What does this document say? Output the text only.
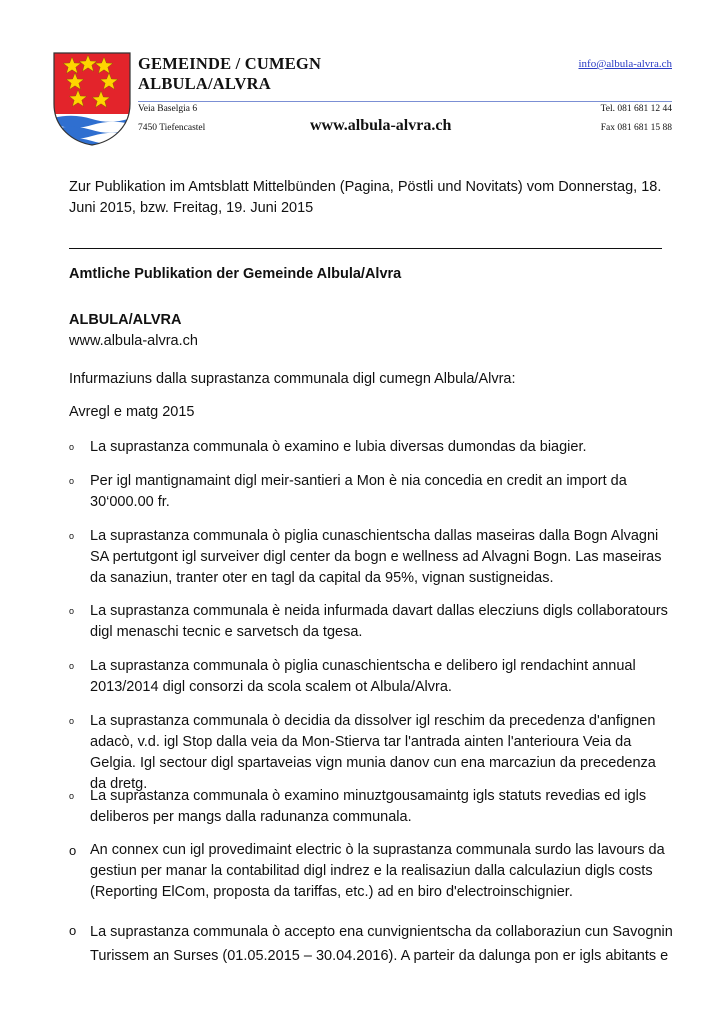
GEMEINDE / CUMEGN
ALBULA/ALVRA
info@albula-alvra.ch
Veia Baselgia 6
7450 Tiefencastel	www.albula-alvra.ch
Tel. 081 681 12 44
Fax 081 681 15 88
Zur Publikation im Amtsblatt Mittelbünden (Pagina, Pöstli und Novitats) vom Donnerstag, 18. Juni 2015, bzw. Freitag, 19. Juni 2015
Amtliche Publikation der Gemeinde Albula/Alvra
ALBULA/ALVRA
www.albula-alvra.ch
Infurmaziuns dalla suprastanza communala digl cumegn Albula/Alvra:
Avregl e matg 2015
o La suprastanza communala ò examino e lubia diversas dumondas da biagier.
o Per igl mantignamaint digl meir-santieri a Mon è nia concedia en credit an import da 30‘000.00 fr.
o La suprastanza communala ò piglia cunaschientscha dallas maseiras dalla Bogn Alvagni SA pertutgont igl surveiver digl center da bogn e wellness ad Alvagni Bogn. Las maseiras da sanaziun, tranter oter en tagl da capital da 95%, vignan sustigneidas.
o La suprastanza communala è neida infurmada davart dallas elecziuns digls collaboratours digl menaschi tecnic e sarvetsch da tgesa.
o La suprastanza communala ò piglia cunaschientscha e delibero igl rendachint annual 2013/2014 digl consorzi da scola scalem ot Albula/Alvra.
o La suprastanza communala ò decidia da dissolver igl reschim da precedenza d'anfignen adacò, v.d. igl Stop dalla veia da Mon-Stierva tar l'antrada ainten l'anterioura Veia da Gelgia. Igl sectour digl spartaveias vign munia danov cun ena marcaziun da precedenza da dretg.
o La suprastanza communala ò examino minuztgousamaintg igls statuts revedias ed igls deliberos per mangs dalla radunanza communala.
o An connex cun igl provedimaint electric ò la suprastanza communala surdo las lavours da gestiun per manar la contabilitad digl indrez e la realisaziun dalla calculaziun digls costs (Reporting ElCom, proposta da tariffas, etc.) ad en biro d'electroinschignier.
o La suprastanza communala ò accepto ena cunvignientscha da collaboraziun cun Savognin Turissem an Surses (01.05.2015 – 30.04.2016). A parteir da dalunga pon er igls abitants e
